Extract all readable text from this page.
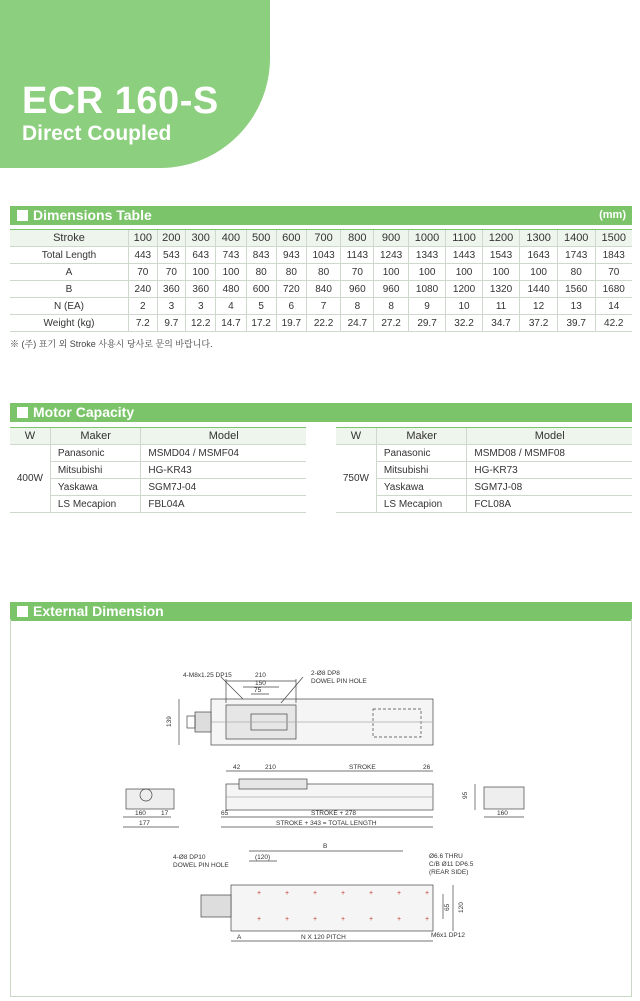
ECR 160-S
Direct Coupled
Dimensions Table	(mm)
Stroke	100	200	300	400	500	600	700	800	900	1000	1100	1200	1300	1400	1500
Total Length	443	543	643	743	843	943	1043	1143	1243	1343	1443	1543	1643	1743	1843
A	70	70	100	100	80	80	80	70	100	100	100	100	100	80	70
B	240	360	360	480	600	720	840	960	960	1080	1200	1320	1440	1560	1680
N (EA)	2	3	3	4	5	6	7	8	8	9	10	11	12	13	14
Weight (kg)	7.2	9.7	12.2	14.7	17.2	19.7	22.2	24.7	27.2	29.7	32.2	34.7	37.2	39.7	42.2
※ (주) 표기 외 Stroke 사용시 당사로 문의 바랍니다.
Motor Capacity
W	Maker	Model
400W	Panasonic	MSMD04 / MSMF04
	Mitsubishi	HG-KR43
	Yaskawa	SGM7J-04
	LS Mecapion	FBL04A
W	Maker	Model
750W	Panasonic	MSMD08 / MSMF08
	Mitsubishi	HG-KR73
	Yaskawa	SGM7J-08
	LS Mecapion	FCL08A
External Dimension
210
150
75
4-M8x1.25 DP15	2-Ø8 DP8
DOWEL PIN HOLE
139
42	210	STROKE	26
65	STROKE + 278
STROKE + 343 = TOTAL LENGTH
95
160 17
177
160
+
+
+
+
+
+
+
+
+
+
+
+
+
+
B
4-Ø8 DP10
DOWEL PIN HOLE
(120)	Ø6.6 THRU
C/B Ø11 DP6.5
(REAR SIDE)
65 120
A	N X 120 PITCH	M6x1 DP12
